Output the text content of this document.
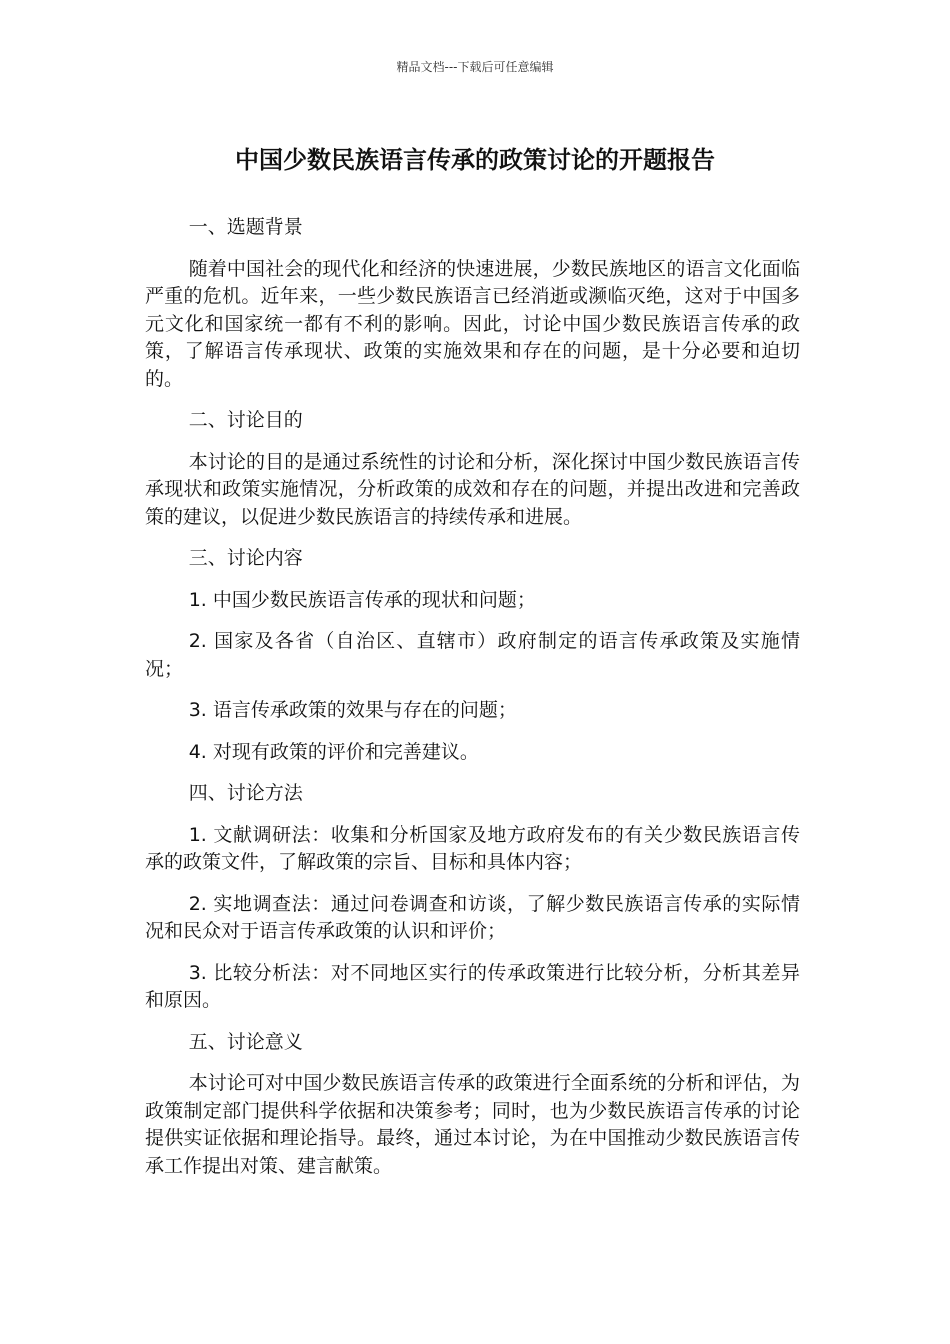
精品文档---下载后可任意编辑
中国少数民族语言传承的政策讨论的开题报告

一、选题背景

随着中国社会的现代化和经济的快速进展，少数民族地区的语言文化面临严重的危机。近年来，一些少数民族语言已经消逝或濒临灭绝，这对于中国多元文化和国家统一都有不利的影响。因此，讨论中国少数民族语言传承的政策，了解语言传承现状、政策的实施效果和存在的问题，是十分必要和迫切的。

二、讨论目的

本讨论的目的是通过系统性的讨论和分析，深化探讨中国少数民族语言传承现状和政策实施情况，分析政策的成效和存在的问题，并提出改进和完善政策的建议，以促进少数民族语言的持续传承和进展。

三、讨论内容

1. 中国少数民族语言传承的现状和问题；

2. 国家及各省（自治区、直辖市）政府制定的语言传承政策及实施情况；

3. 语言传承政策的效果与存在的问题；

4. 对现有政策的评价和完善建议。

四、讨论方法

1. 文献调研法：收集和分析国家及地方政府发布的有关少数民族语言传承的政策文件，了解政策的宗旨、目标和具体内容；

2. 实地调查法：通过问卷调查和访谈，了解少数民族语言传承的实际情况和民众对于语言传承政策的认识和评价；

3. 比较分析法：对不同地区实行的传承政策进行比较分析，分析其差异和原因。

五、讨论意义

本讨论可对中国少数民族语言传承的政策进行全面系统的分析和评估，为政策制定部门提供科学依据和决策参考；同时，也为少数民族语言传承的讨论提供实证依据和理论指导。最终，通过本讨论，为在中国推动少数民族语言传承工作提出对策、建言献策。
